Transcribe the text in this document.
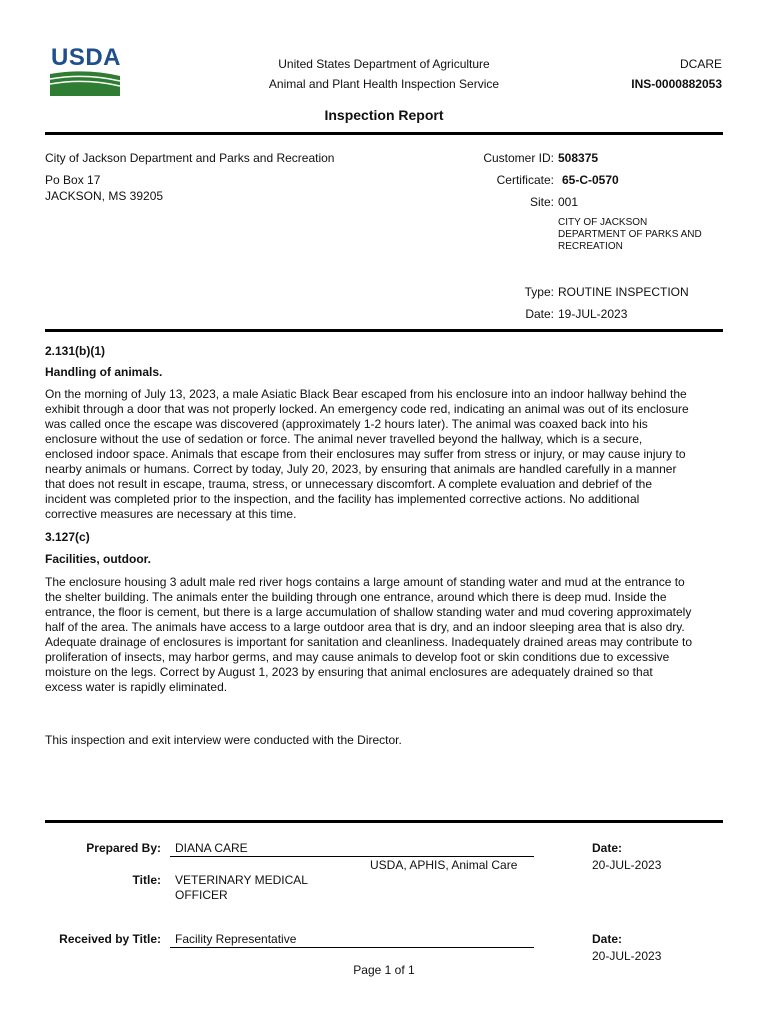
USDA	United States Department of Agriculture
Animal and Plant Health Inspection Service
Inspection Report
DCARE
INS-0000882053
City of Jackson Department and Parks and Recreation
Po Box 17
JACKSON, MS 39205
Customer ID: 508375
Certificate: 65-C-0570
Site: 001
CITY OF JACKSON
DEPARTMENT OF PARKS AND
RECREATION
Type: ROUTINE INSPECTION
Date: 19-JUL-2023
2.131(b)(1)
Handling of animals.
On the morning of July 13, 2023, a male Asiatic Black Bear escaped from his enclosure into an indoor hallway behind the
exhibit through a door that was not properly locked. An emergency code red, indicating an animal was out of its enclosure
was called once the escape was discovered (approximately 1-2 hours later). The animal was coaxed back into his
enclosure without the use of sedation or force. The animal never travelled beyond the hallway, which is a secure,
enclosed indoor space. Animals that escape from their enclosures may suffer from stress or injury, or may cause injury to
nearby animals or humans. Correct by today, July 20, 2023, by ensuring that animals are handled carefully in a manner
that does not result in escape, trauma, stress, or unnecessary discomfort. A complete evaluation and debrief of the
incident was completed prior to the inspection, and the facility has implemented corrective actions. No additional
corrective measures are necessary at this time.
3.127(c)
Facilities, outdoor.
The enclosure housing 3 adult male red river hogs contains a large amount of standing water and mud at the entrance to
the shelter building. The animals enter the building through one entrance, around which there is deep mud. Inside the
entrance, the floor is cement, but there is a large accumulation of shallow standing water and mud covering approximately
half of the area. The animals have access to a large outdoor area that is dry, and an indoor sleeping area that is also dry.
Adequate drainage of enclosures is important for sanitation and cleanliness. Inadequately drained areas may contribute to
proliferation of insects, may harbor germs, and may cause animals to develop foot or skin conditions due to excessive
moisture on the legs. Correct by August 1, 2023 by ensuring that animal enclosures are adequately drained so that
excess water is rapidly eliminated.
This inspection and exit interview were conducted with the Director.
Prepared By: DIANA CARE
USDA, APHIS, Animal Care
Date:
20-JUL-2023
Title: VETERINARY MEDICAL
OFFICER
Received by Title: Facility Representative	Date:
20-JUL-2023
Page 1 of 1
